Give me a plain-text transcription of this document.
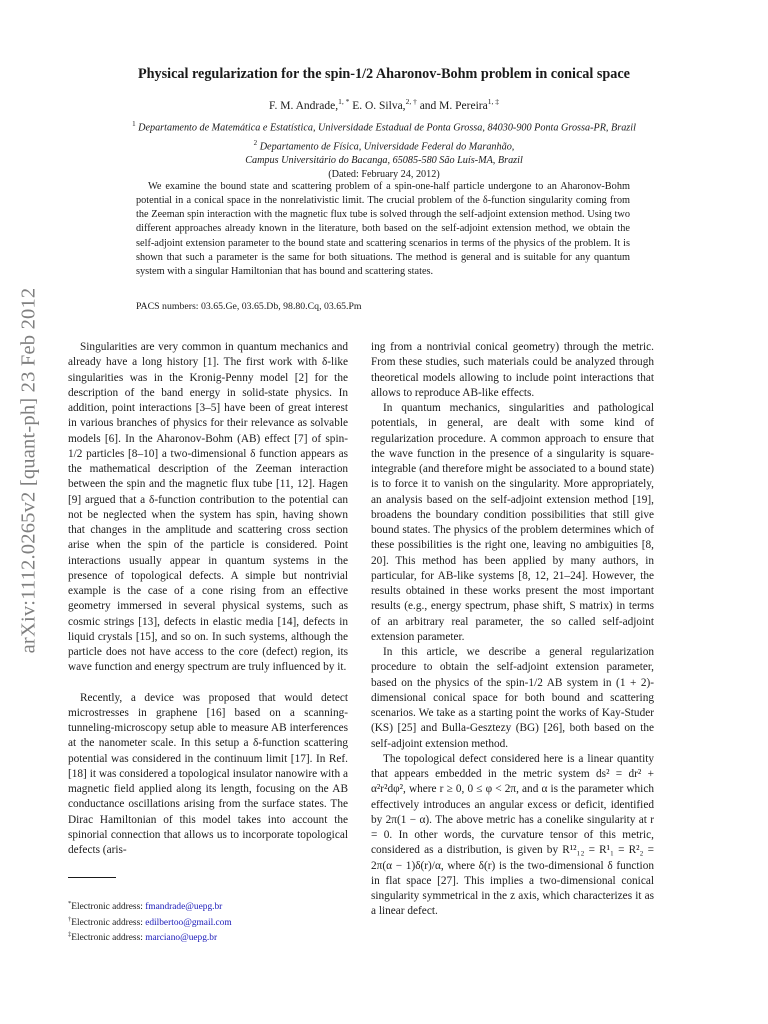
arXiv:1112.0265v2 [quant-ph] 23 Feb 2012
Physical regularization for the spin-1/2 Aharonov-Bohm problem in conical space
F. M. Andrade,$^{1, *}$ E. O. Silva,$^{2, \dagger}$ and M. Pereira$^{1, \ddagger}$
$^1$ Departamento de Matemática e Estatística, Universidade Estadual de Ponta Grossa, 84030-900 Ponta Grossa-PR, Brazil
$^2$ Departamento de Física, Universidade Federal do Maranhão,
Campus Universitário do Bacanga, 65085-580 São Luís-MA, Brazil
(Dated: February 24, 2012)

We examine the bound state and scattering problem of a spin-one-half particle undergone to an Aharonov-Bohm potential in a conical space in the nonrelativistic limit. The crucial problem of the δ-function singularity coming from the Zeeman spin interaction with the magnetic flux tube is solved through the self-adjoint extension method. Using two different approaches already known in the literature, both based on the self-adjoint extension method, we obtain the self-adjoint extension parameter to the bound state and scattering scenarios in terms of the physics of the problem. It is shown that such a parameter is the same for both situations. The method is general and is suitable for any quantum system with a singular Hamiltonian that has bound and scattering states.

PACS numbers: 03.65.Ge, 03.65.Db, 98.80.Cq, 03.65.Pm

Singularities are very common in quantum mechanics and already have a long history [1]. The first work with δ-like singularities was in the Kronig-Penny model [2] for the description of the band energy in solid-state physics. In addition, point interactions [3–5] have been of great interest in various branches of physics for their relevance as solvable models [6]. In the Aharonov-Bohm (AB) effect [7] of spin-1/2 particles [8–10] a two-dimensional δ function appears as the mathematical description of the Zeeman interaction between the spin and the magnetic flux tube [11, 12]. Hagen [9] argued that a δ-function contribution to the potential can not be neglected when the system has spin, having shown that changes in the amplitude and scattering cross section arise when the spin of the particle is considered. Point interactions usually appear in quantum systems in the presence of topological defects. A simple but nontrivial example is the case of a cone rising from an effective geometry immersed in several physical systems, such as cosmic strings [13], defects in elastic media [14], defects in liquid crystals [15], and so on. In such systems, although the particle does not have access to the core (defect) region, its wave function and energy spectrum are truly influenced by it.

Recently, a device was proposed that would detect microstresses in graphene [16] based on a scanning-tunneling-microscopy setup able to measure AB interferences at the nanometer scale. In this setup a δ-function scattering potential was considered in the continuum limit [17]. In Ref. [18] it was considered a topological insulator nanowire with a magnetic field applied along its length, focusing on the AB conductance oscillations arising from the surface states. The Dirac Hamiltonian of this model takes into account the spinorial connection that allows us to incorporate topological defects (aris-

ing from a nontrivial conical geometry) through the metric. From these studies, such materials could be analyzed through theoretical models allowing to include point interactions that allows to reproduce AB-like effects.

In quantum mechanics, singularities and pathological potentials, in general, are dealt with some kind of regularization procedure. A common approach to ensure that the wave function in the presence of a singularity is square-integrable (and therefore might be associated to a bound state) is to force it to vanish on the singularity. More appropriately, an analysis based on the self-adjoint extension method [19], broadens the boundary condition possibilities that still give bound states. The physics of the problem determines which of these possibilities is the right one, leaving no ambiguities [8, 20]. This method has been applied by many authors, in particular, for AB-like systems [8, 12, 21–24]. However, the results obtained in these works present the most important results (e.g., energy spectrum, phase shift, S matrix) in terms of an arbitrary real parameter, the so called self-adjoint extension parameter.

In this article, we describe a general regularization procedure to obtain the self-adjoint extension parameter, based on the physics of the spin-1/2 AB system in (1 + 2)-dimensional conical space for both bound and scattering scenarios. We take as a starting point the works of Kay-Studer (KS) [25] and Bulla-Gesztezy (BG) [26], both based on the self-adjoint extension method.

The topological defect considered here is a linear quantity that appears embedded in the metric system ds² = dr² + α²r²dφ², where r ≥ 0, 0 ≤ φ < 2π, and α is the parameter which effectively introduces an angular excess or deficit, identified by 2π(1 − α). The above metric has a conelike singularity at r = 0. In other words, the curvature tensor of this metric, considered as a distribution, is given by R¹²₁₂ = R¹₁ = R²₂ = 2π(α − 1)δ(r)/α, where δ(r) is the two-dimensional δ function in flat space [27]. This implies a two-dimensional conical singularity symmetrical in the z axis, which characterizes it as a linear defect.

*Electronic address: fmandrade@uepg.br
†Electronic address: edilbertoo@gmail.com
‡Electronic address: marciano@uepg.br
